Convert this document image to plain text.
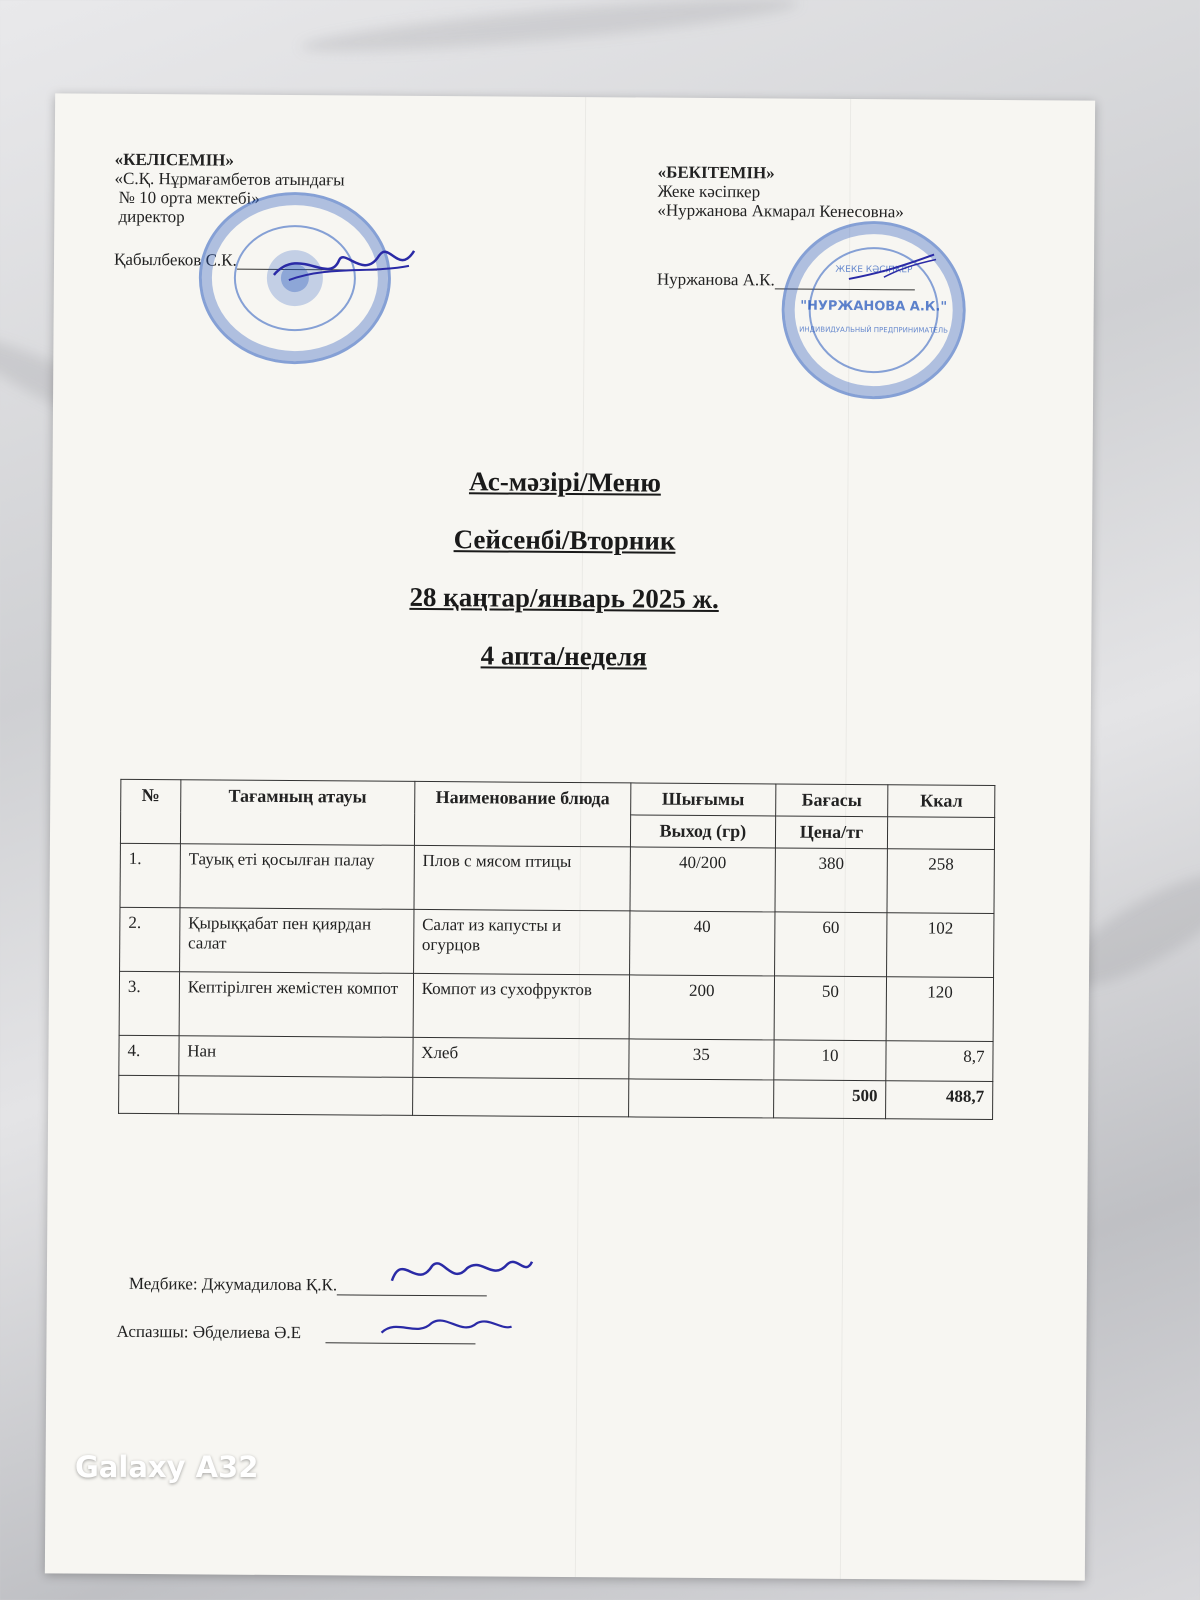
«КЕЛІСЕМІН»
«С.Қ. Нұрмағамбетов атындағы
№ 10 орта мектебі»
директор
Қабылбеков С.К.
«БЕКІТЕМІН»
Жеке кәсіпкер
«Нуржанова Акмарал Кенесовна»
Нуржанова А.К.	ЖЕКЕ КӘСІПКЕР
"НУРЖАНОВА А.К."
ИНДИВИДУАЛЬНЫЙ ПРЕДПРИНИМАТЕЛЬ
Ас-мәзірі/Меню
Сейсенбі/Вторник
28 қаңтар/январь 2025 ж.
4 апта/неделя
№	Тағамның атауы	Наименование блюда	Шығымы	Бағасы	Ккал
			Выход (гр)	Цена/тг	
1.	Тауық еті қосылған палау	Плов с мясом птицы	40/200	380	258
2.	Қырыққабат пен қиярдан салат	Салат из капусты и огурцов	40	60	102
3.	Кептірілген жемістен компот	Компот из сухофруктов	200	50	120
4.	Нан	Хлеб	35	10	8,7
				500	488,7
Медбике: Джумадилова Қ.К.
Аспазшы: Әбделиева Ә.Е
Galaxy A32
